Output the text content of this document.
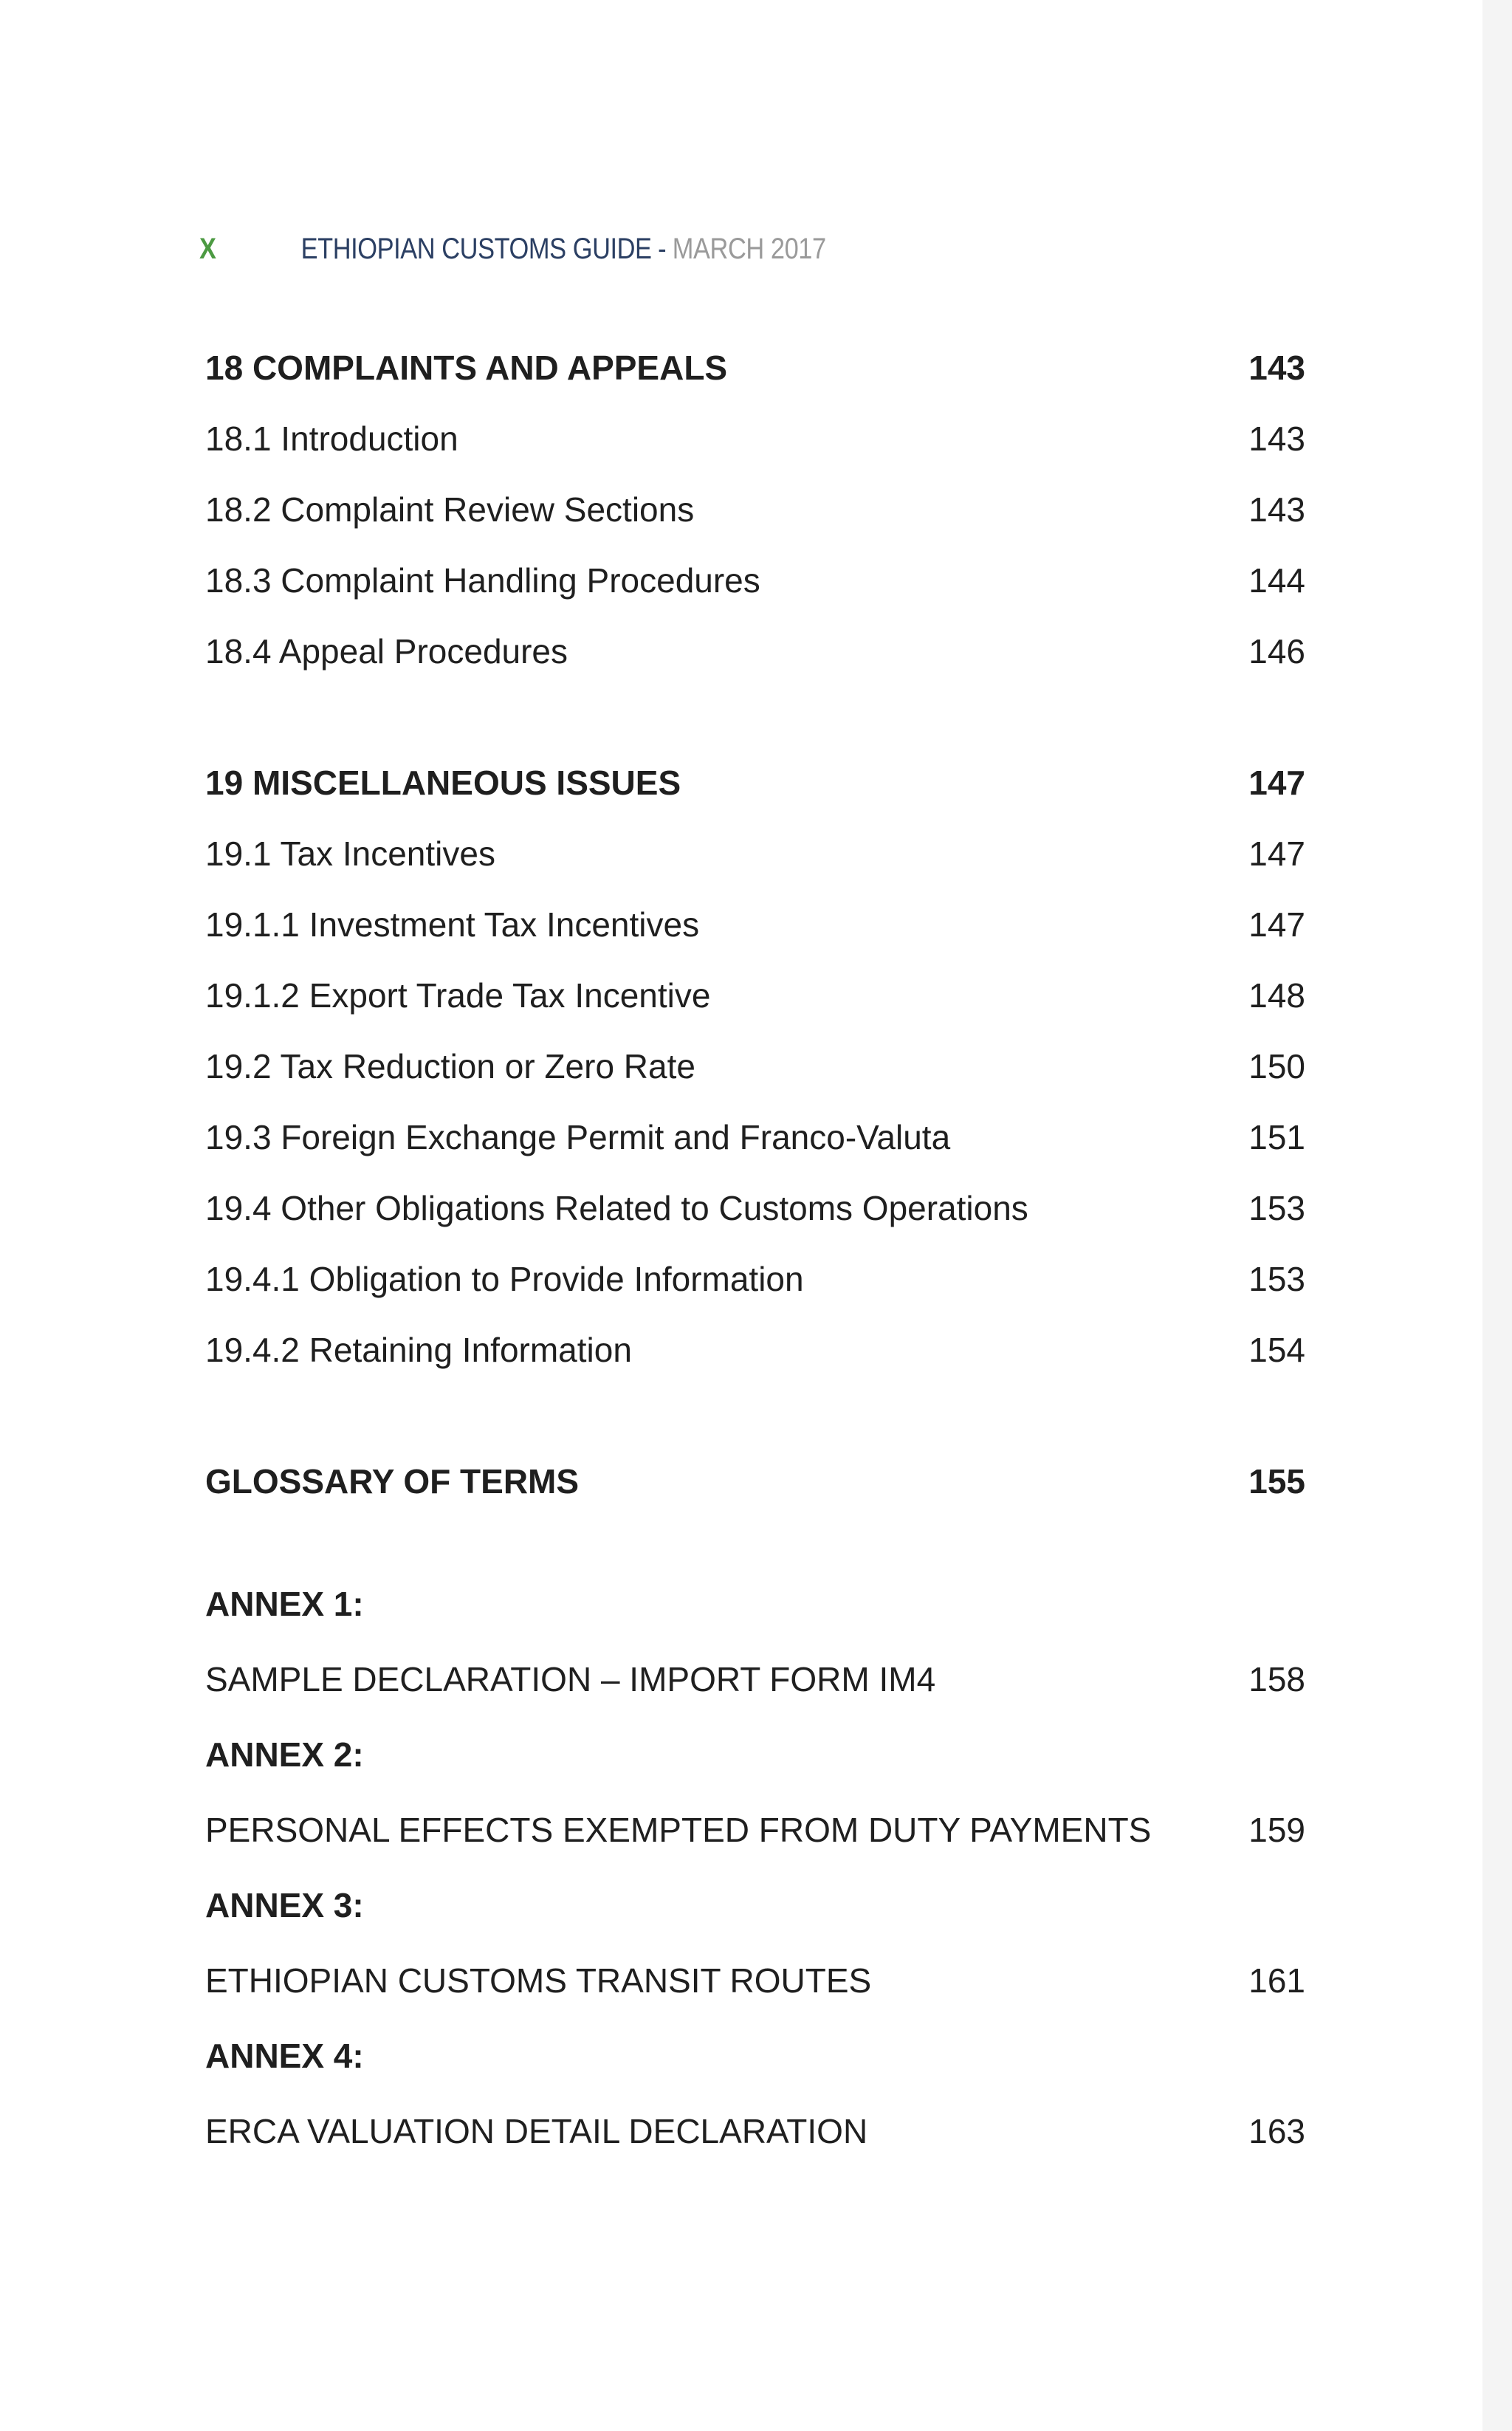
X	ETHIOPIAN CUSTOMS GUIDE - MARCH 2017
18 COMPLAINTS AND APPEALS	143
18.1 Introduction	143
18.2 Complaint Review Sections	143
18.3 Complaint Handling Procedures	144
18.4 Appeal Procedures	146
19 MISCELLANEOUS ISSUES	147
19.1 Tax Incentives	147
19.1.1 Investment Tax Incentives	147
19.1.2 Export Trade Tax Incentive	148
19.2 Tax Reduction or Zero Rate	150
19.3 Foreign Exchange Permit and Franco-Valuta	151
19.4 Other Obligations Related to Customs Operations	153
19.4.1 Obligation to Provide Information	153
19.4.2 Retaining Information	154
GLOSSARY OF TERMS	155
ANNEX 1:
SAMPLE DECLARATION – IMPORT FORM IM4	158
ANNEX 2:
PERSONAL EFFECTS EXEMPTED FROM DUTY PAYMENTS	159
ANNEX 3:
ETHIOPIAN CUSTOMS TRANSIT ROUTES	161
ANNEX 4:
ERCA VALUATION DETAIL DECLARATION	163
